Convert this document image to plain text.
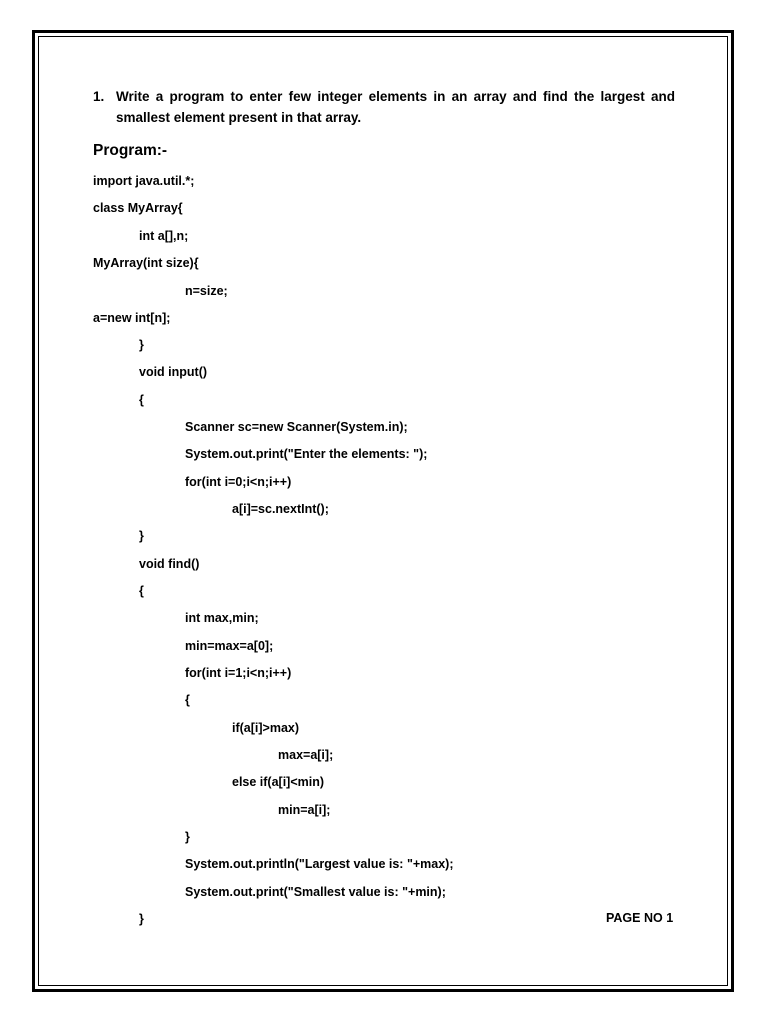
1. Write a program to enter few integer elements in an array and find the largest and smallest element present in that array.
Program:-
import java.util.*;
class MyArray{
int a[],n;
MyArray(int size){
n=size;
a=new int[n];
}
void input()
{
Scanner sc=new Scanner(System.in);
System.out.print("Enter the elements: ");
for(int i=0;i<n;i++)
a[i]=sc.nextInt();
}
void find()
{
int max,min;
min=max=a[0];
for(int i=1;i<n;i++)
{
if(a[i]>max)
max=a[i];
else if(a[i]<min)
min=a[i];
}
System.out.println("Largest value is: "+max);
System.out.print("Smallest value is: "+min);
}	PAGE NO 1
